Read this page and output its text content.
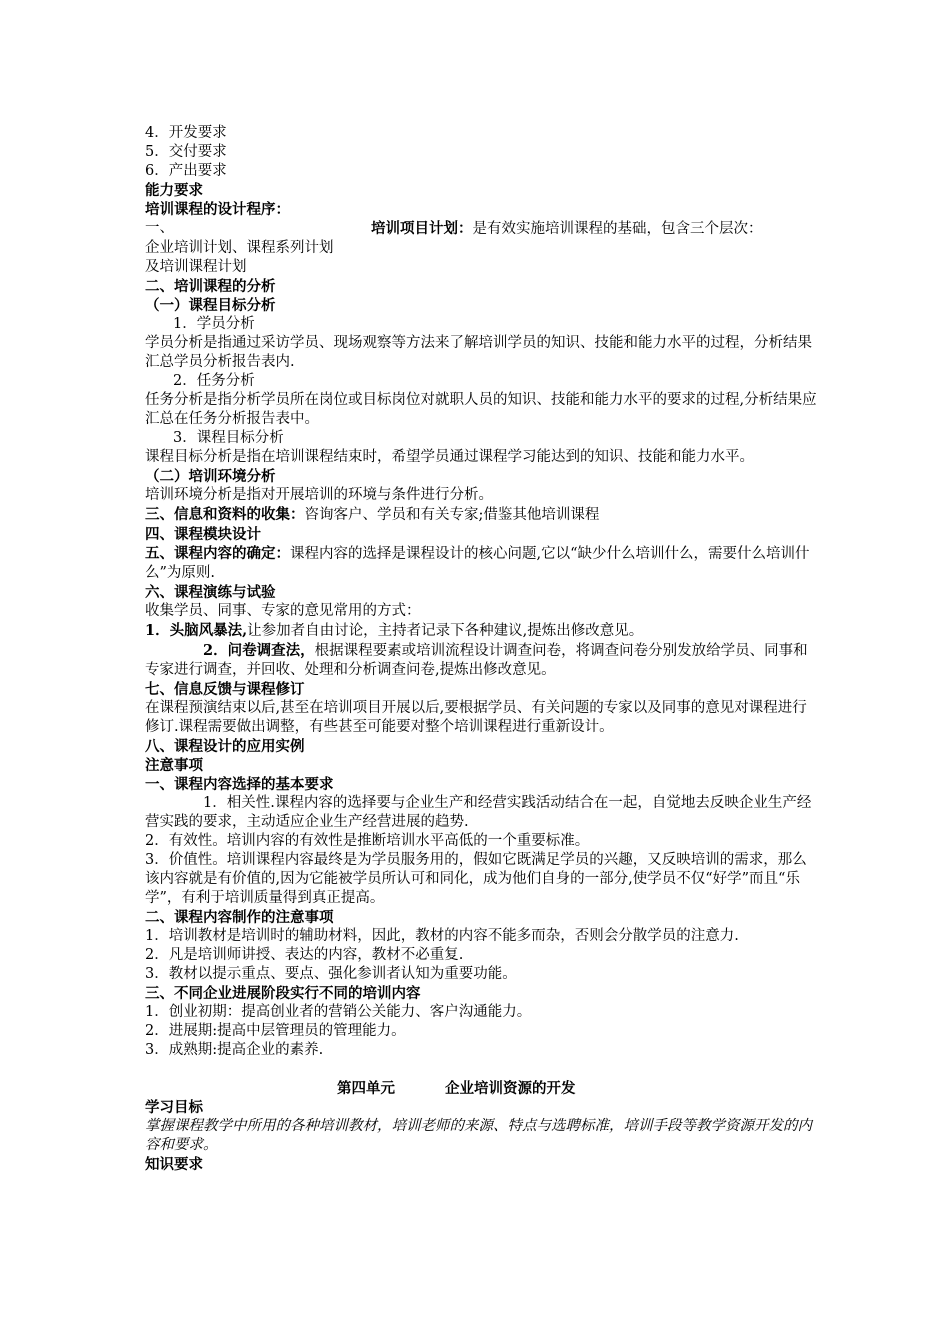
4．开发要求

5．交付要求

6．产出要求

能力要求

培训课程的设计程序：

一、	培训项目计划：是有效实施培训课程的基础，包含三个层次：

企业培训计划、课程系列计划

及培训课程计划

二、培训课程的分析

（一）课程目标分析

1．学员分析

学员分析是指通过采访学员、现场观察等方法来了解培训学员的知识、技能和能力水平的过程，分析结果汇总学员分析报告表内.

2．任务分析

任务分析是指分析学员所在岗位或目标岗位对就职人员的知识、技能和能力水平的要求的过程,分析结果应汇总在任务分析报告表中。

3．课程目标分析

课程目标分析是指在培训课程结束时，希望学员通过课程学习能达到的知识、技能和能力水平。

（二）培训环境分析

培训环境分析是指对开展培训的环境与条件进行分析。

三、信息和资料的收集：咨询客户、学员和有关专家;借鉴其他培训课程

四、课程模块设计

五、课程内容的确定：课程内容的选择是课程设计的核心问题,它以“缺少什么培训什么，需要什么培训什么”为原则.

六、课程演练与试验

收集学员、同事、专家的意见常用的方式：

1．头脑风暴法,让参加者自由讨论，主持者记录下各种建议,提炼出修改意见。

2．问卷调查法，根据课程要素或培训流程设计调查问卷，将调查问卷分别发放给学员、同事和专家进行调查，并回收、处理和分析调查问卷,提炼出修改意见。

七、信息反馈与课程修订

在课程预演结束以后,甚至在培训项目开展以后,要根据学员、有关问题的专家以及同事的意见对课程进行修订.课程需要做出调整，有些甚至可能要对整个培训课程进行重新设计。

八、课程设计的应用实例

注意事项

一、课程内容选择的基本要求

1．相关性.课程内容的选择要与企业生产和经营实践活动结合在一起，自觉地去反映企业生产经营实践的要求，主动适应企业生产经营进展的趋势.

2．有效性。培训内容的有效性是推断培训水平高低的一个重要标准。

3．价值性。培训课程内容最终是为学员服务用的，假如它既满足学员的兴趣，又反映培训的需求，那么该内容就是有价值的,因为它能被学员所认可和同化，成为他们自身的一部分,使学员不仅“好学”而且“乐学”，有利于培训质量得到真正提高。

二、课程内容制作的注意事项

1．培训教材是培训时的辅助材料，因此，教材的内容不能多而杂，否则会分散学员的注意力.

2．凡是培训师讲授、表达的内容，教材不必重复.

3．教材以提示重点、要点、强化参训者认知为重要功能。

三、不同企业进展阶段实行不同的培训内容

1．创业初期：提高创业者的营销公关能力、客户沟通能力。

2．进展期:提高中层管理员的管理能力。

3．成熟期:提高企业的素养.

第四单元	企业培训资源的开发

学习目标

掌握课程教学中所用的各种培训教材，培训老师的来源、特点与选聘标准，培训手段等教学资源开发的内容和要求。

知识要求
